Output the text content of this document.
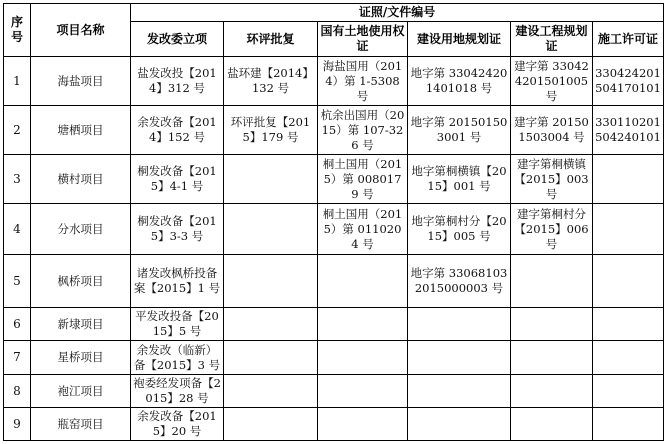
序号	项目名称	证照/文件编号					
		发改委立项	环评批复	国有土地使用权证	建设用地规划证	建设工程规划证	施工许可证
1	海盐项目	盐发改投【2014】312 号	盐环建【2014】132 号	海盐国用（2014）第 1-5308 号	地字第 330424201401018 号	建字第 330424201501005 号	330424201504170101
2	塘栖项目	余发改备【2014】152 号	环评批复【2015】179 号	杭余出国用（2015）第 107-326 号	地字第 201501503001 号	建字第 201501503004 号	330110201504240101
3	横村项目	桐发改备【2015】4-1 号		桐土国用（2015）第 0080179 号	地字第桐横镇【2015】001 号	建字第桐横镇【2015】003 号	
4	分水项目	桐发改备【2015】3-3 号		桐土国用（2015）第 0110204 号	地字第桐村分【2015】005 号	建字第桐村分【2015】006 号	
5	枫桥项目	诸发改枫桥投备案【2015】1 号			地字第 330681032015000003 号		
6	新埭项目	平发改投备【2015】5 号					
7	星桥项目	余发改（临新）备【2015】3 号					
8	袍江项目	袍委经发项备【2015】28 号					
9	瓶窑项目	余发改备【2015】20 号					
